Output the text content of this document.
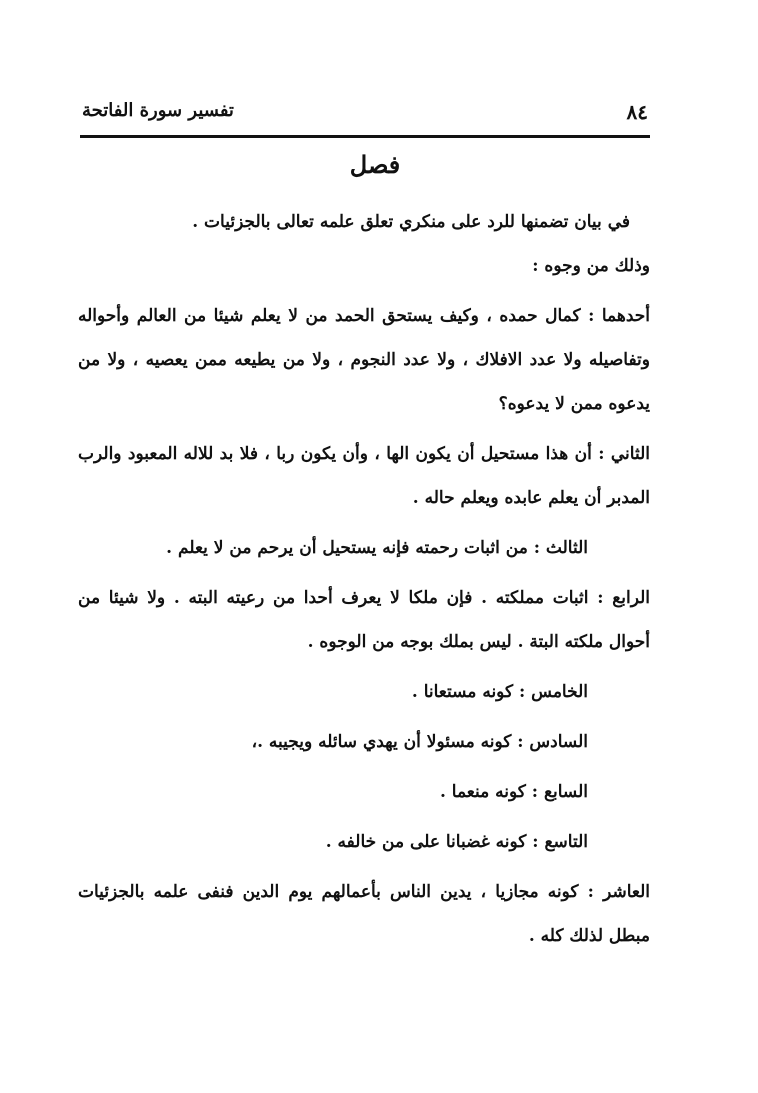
٨٤
تفسير سورة الفاتحة
فصل

في بيان تضمنها للرد على منكري تعلق علمه تعالى بالجزئيات .

وذلك من وجوه :

أحدهما : كمال حمده ، وكيف يستحق الحمد من لا يعلم شيئا من العالم وأحواله وتفاصيله ولا عدد الافلاك ، ولا عدد النجوم ، ولا من يطيعه ممن يعصيه ، ولا من يدعوه ممن لا يدعوه؟

الثاني : أن هذا مستحيل أن يكون الها ، وأن يكون ربا ، فلا بد للاله المعبود والرب المدبر أن يعلم عابده ويعلم حاله .

الثالث : من اثبات رحمته فإنه يستحيل أن يرحم من لا يعلم .

الرابع : اثبات مملكته . فإن ملكا لا يعرف أحدا من رعيته البته . ولا شيئا من أحوال ملكته البتة . ليس بملك بوجه من الوجوه .

الخامس : كونه مستعانا .

السادس : كونه مسئولا أن يهدي سائله ويجيبه .،

السابع : كونه منعما .

التاسع : كونه غضبانا على من خالفه .

العاشر : كونه مجازيا ، يدين الناس بأعمالهم يوم الدين فنفى علمه بالجزئيات مبطل لذلك كله .
